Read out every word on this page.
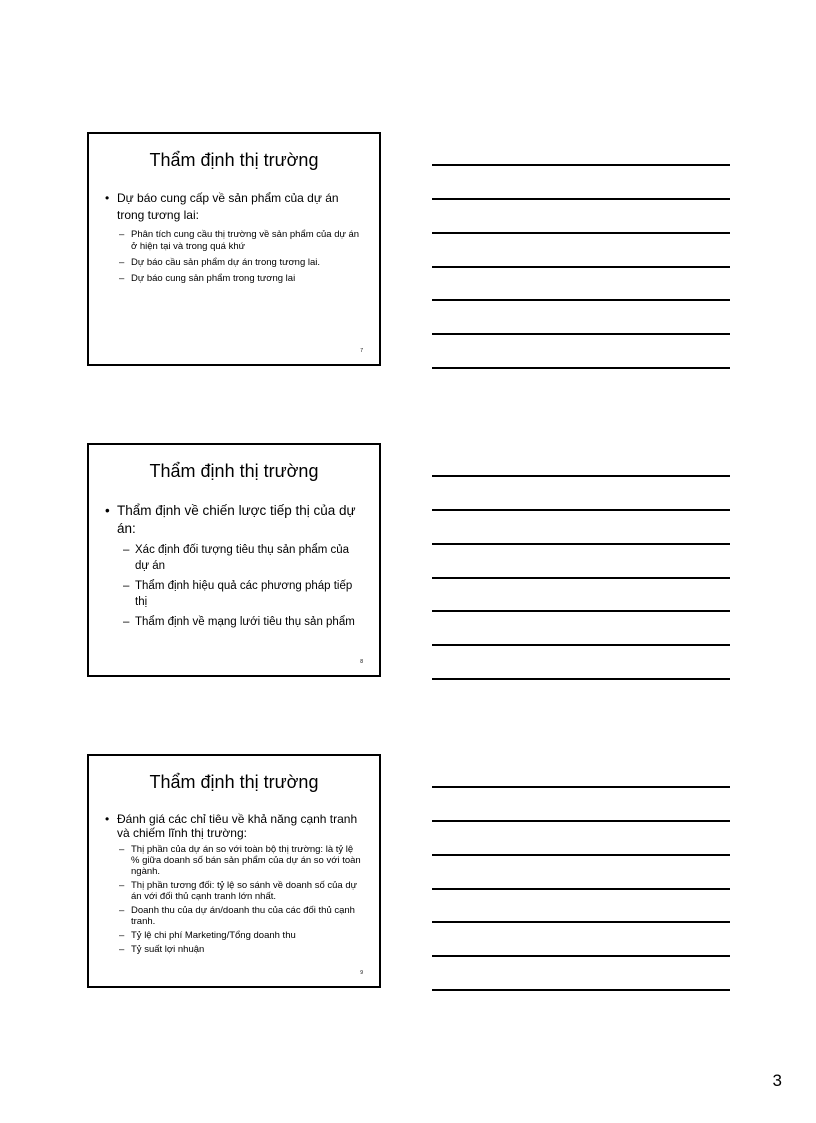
Thẩm định thị trường
• Dự báo cung cấp về sản phẩm của dự án trong tương lai:
– Phân tích cung cầu thị trường về sản phẩm của dự án ở hiện tại và trong quá khứ
– Dự báo cầu sản phẩm dự án trong tương lai.
– Dự báo cung sản phẩm trong tương lai
7
Thẩm định thị trường
• Thẩm định về chiến lược tiếp thị của dự án:
– Xác định đối tượng tiêu thụ sản phẩm của dự án
– Thẩm định hiệu quả các phương pháp tiếp thị
– Thẩm định về mạng lưới tiêu thụ sản phẩm
8
Thẩm định thị trường
• Đánh giá các chỉ tiêu về khả năng cạnh tranh và chiếm lĩnh thị trường:
– Thị phần của dự án so với toàn bộ thị trường: là tỷ lệ % giữa doanh số bán sản phẩm của dự án so với toàn ngành.
– Thị phần tương đối: tỷ lệ so sánh về doanh số của dự án với đối thủ cạnh tranh lớn nhất.
– Doanh thu của dự án/doanh thu của các đối thủ cạnh tranh.
– Tỷ lệ chi phí Marketing/Tổng doanh thu
– Tỷ suất lợi nhuận
9
3
